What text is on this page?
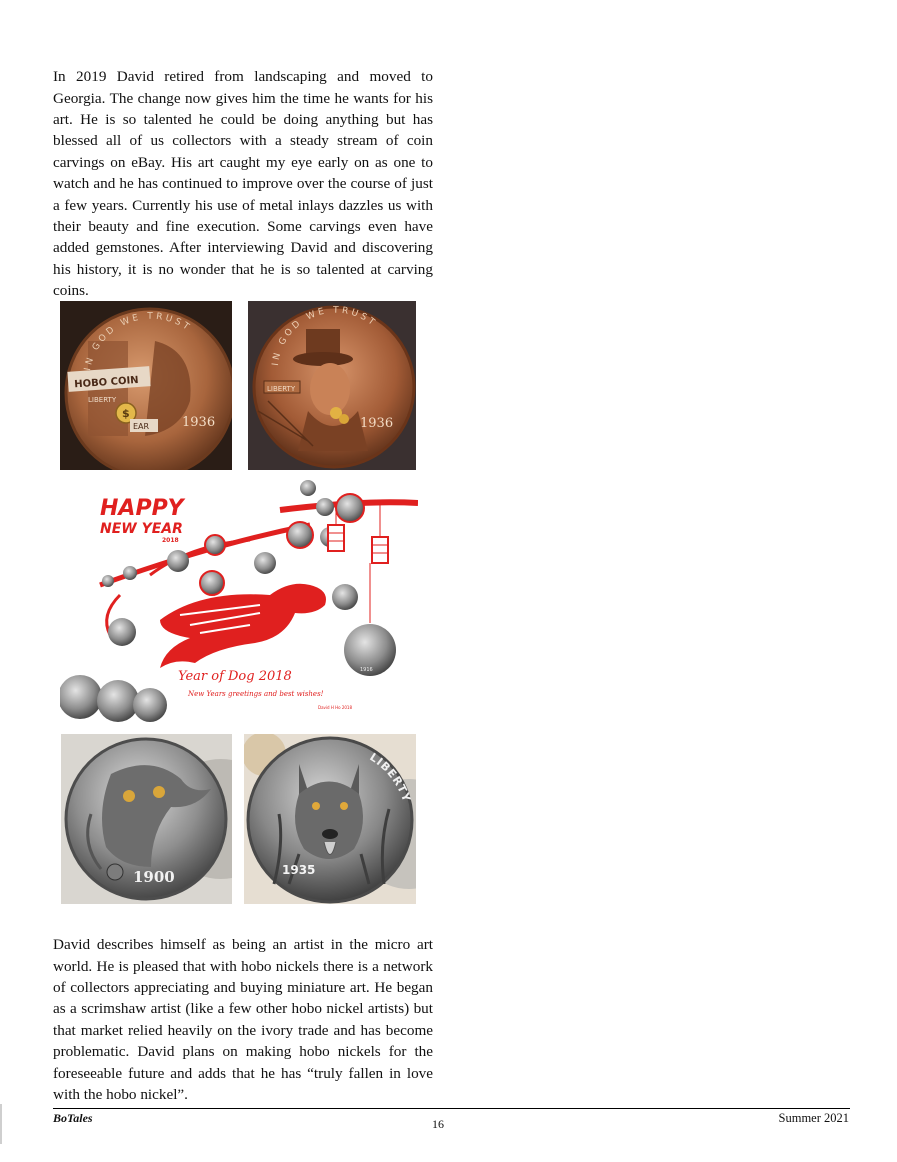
In 2019 David retired from landscaping and moved to Georgia. The change now gives him the time he wants for his art. He is so talented he could be doing anything but has blessed all of us collectors with a steady stream of coin carvings on eBay. His art caught my eye early on as one to watch and he has continued to improve over the course of just a few years. Currently his use of metal inlays dazzles us with their beauty and fine execution. Some carvings even have added gemstones. After interviewing David and discovering his history, it is no wonder that he is so talented at carving coins.

HOBO COIN
LIBERTY
$
EAR	1936
IN GOD WE TRUST
LIBERTY
1936
IN GOD WE TRUST
HAPPY
NEW YEAR
2018
1916
Year of Dog 2018
New Years greetings and best wishes!
David H Ho 2018
1900	1935
LIBERTY

David describes himself as being an artist in the micro art world. He is pleased that with hobo nickels there is a network of collectors appreciating and buying miniature art. He began as a scrimshaw artist (like a few other hobo nickel artists) but that market relied heavily on the ivory trade and has become problematic. David plans on making hobo nickels for the foreseeable future and adds that he has “truly fallen in love with the hobo nickel”.

BoTales	16	Summer 2021
